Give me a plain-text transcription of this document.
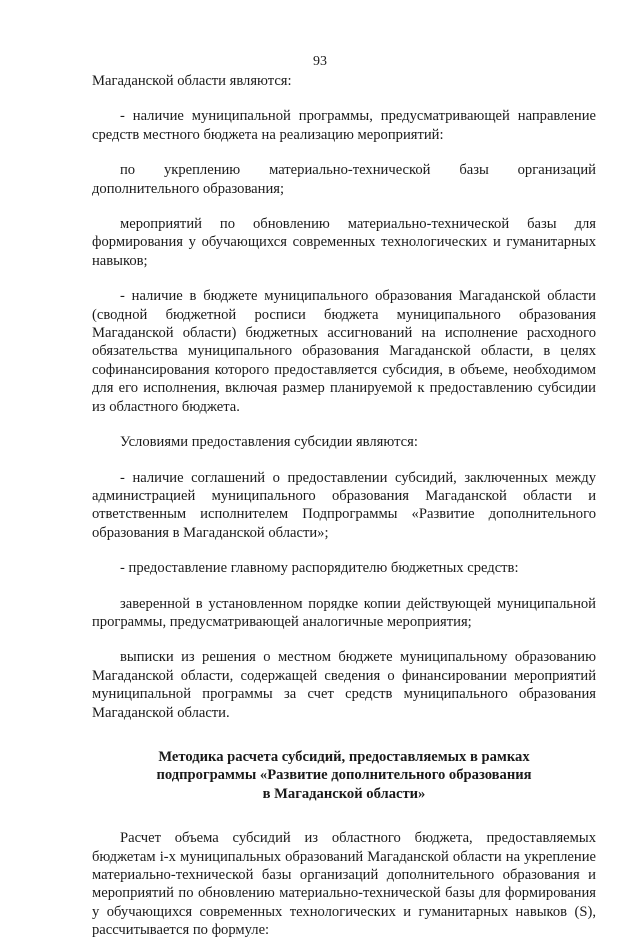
93

Магаданской области являются:

- наличие муниципальной программы, предусматривающей направление средств местного бюджета на реализацию мероприятий:

по укреплению материально-технической базы организаций дополнительного образования;

мероприятий по обновлению материально-технической базы для формирования у обучающихся современных технологических и гуманитарных навыков;

- наличие в бюджете муниципального образования Магаданской области (сводной бюджетной росписи бюджета муниципального образования Магаданской области) бюджетных ассигнований на исполнение расходного обязательства муниципального образования Магаданской области, в целях софинансирования которого предоставляется субсидия, в объеме, необходимом для его исполнения, включая размер планируемой к предоставлению субсидии из областного бюджета.

Условиями предоставления субсидии являются:

- наличие соглашений о предоставлении субсидий, заключенных между администрацией муниципального образования Магаданской области и ответственным исполнителем Подпрограммы «Развитие дополнительного образования в Магаданской области»;

- предоставление главному распорядителю бюджетных средств:

заверенной в установленном порядке копии действующей муниципальной программы, предусматривающей аналогичные мероприятия;

выписки из решения о местном бюджете муниципальному образованию Магаданской области, содержащей сведения о финансировании мероприятий муниципальной программы за счет средств муниципального образования Магаданской области.

Методика расчета субсидий, предоставляемых в рамках
подпрограммы «Развитие дополнительного образования
в Магаданской области»

Расчет объема субсидий из областного бюджета, предоставляемых бюджетам i-х муниципальных образований Магаданской области на укрепление материально-технической базы организаций дополнительного образования и мероприятий по обновлению материально-технической базы для формирования у обучающихся современных технологических и гуманитарных навыков (S), рассчитывается по формуле:
